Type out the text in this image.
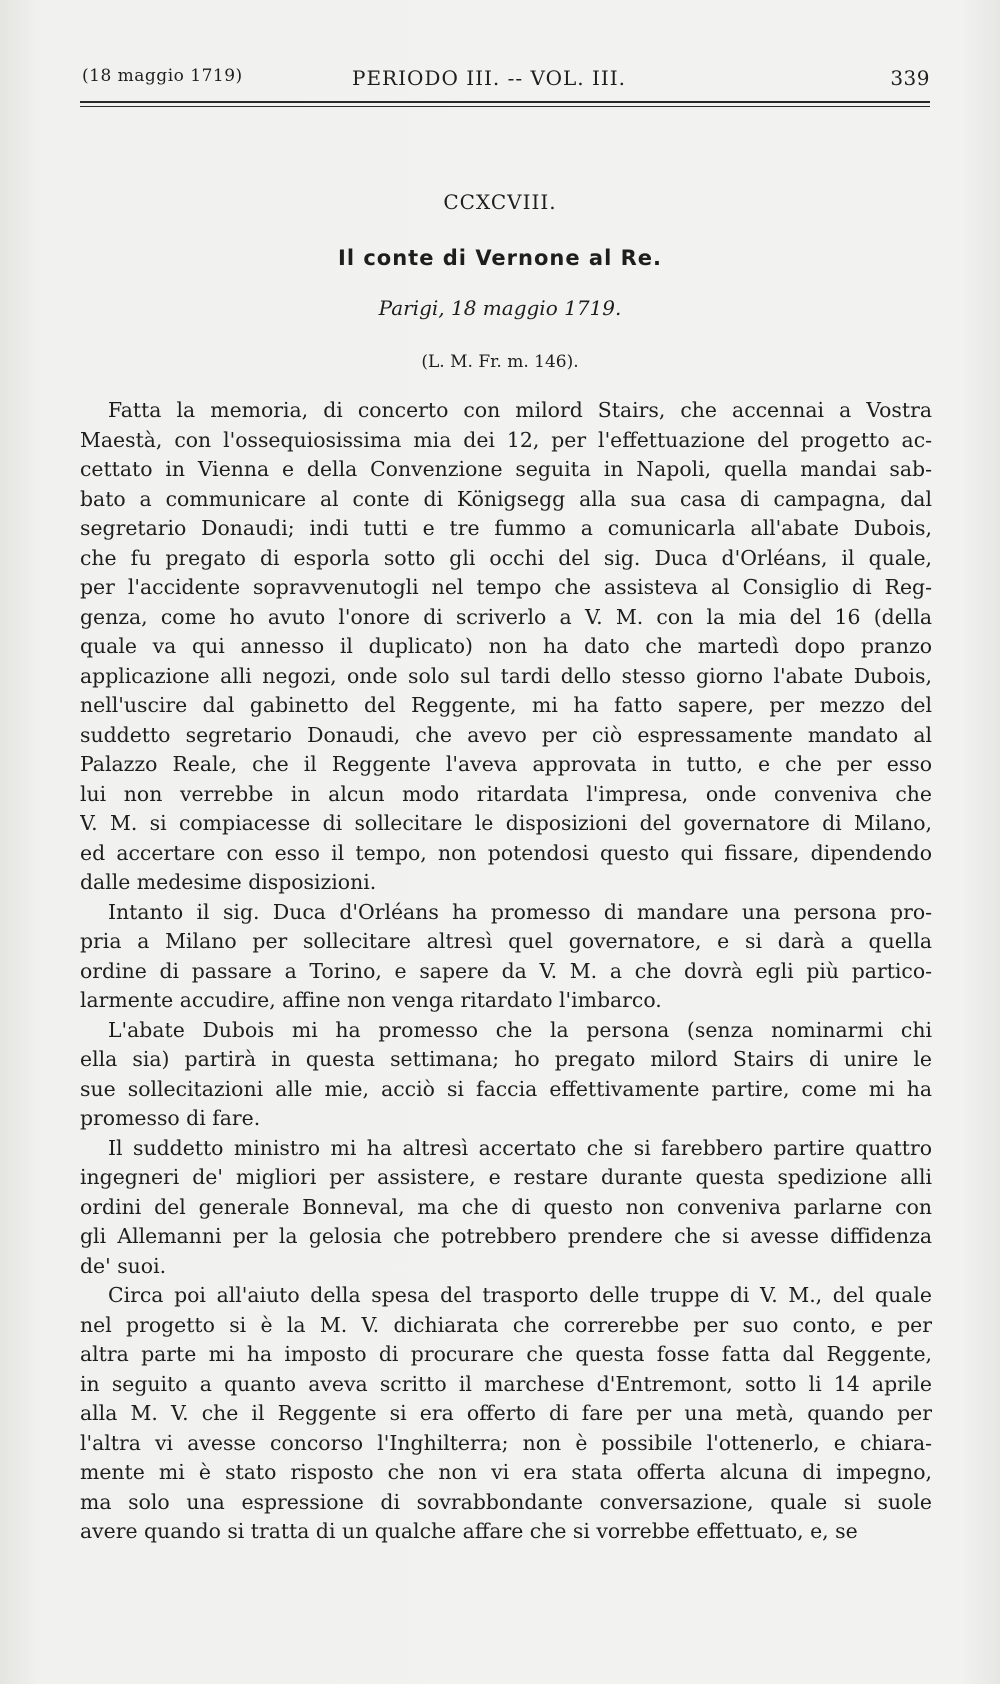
(18 maggio 1719)	PERIODO III. -- VOL. III.	339
CCXCVIII.
Il conte di Vernone al Re.
Parigi, 18 maggio 1719.
(L. M. Fr. m. 146).
Fatta la memoria, di concerto con milord Stairs, che accennai a Vostra
Maestà, con l'ossequiosissima mia dei 12, per l'effettuazione del progetto ac-
cettato in Vienna e della Convenzione seguita in Napoli, quella mandai sab-
bato a communicare al conte di Königsegg alla sua casa di campagna, dal
segretario Donaudi; indi tutti e tre fummo a comunicarla all'abate Dubois,
che fu pregato di esporla sotto gli occhi del sig. Duca d'Orléans, il quale,
per l'accidente sopravvenutogli nel tempo che assisteva al Consiglio di Reg-
genza, come ho avuto l'onore di scriverlo a V. M. con la mia del 16 (della
quale va qui annesso il duplicato) non ha dato che martedì dopo pranzo
applicazione alli negozi, onde solo sul tardi dello stesso giorno l'abate Dubois,
nell'uscire dal gabinetto del Reggente, mi ha fatto sapere, per mezzo del
suddetto segretario Donaudi, che avevo per ciò espressamente mandato al
Palazzo Reale, che il Reggente l'aveva approvata in tutto, e che per esso
lui non verrebbe in alcun modo ritardata l'impresa, onde conveniva che
V. M. si compiacesse di sollecitare le disposizioni del governatore di Milano,
ed accertare con esso il tempo, non potendosi questo qui fissare, dipendendo
dalle medesime disposizioni.
Intanto il sig. Duca d'Orléans ha promesso di mandare una persona pro-
pria a Milano per sollecitare altresì quel governatore, e si darà a quella
ordine di passare a Torino, e sapere da V. M. a che dovrà egli più partico-
larmente accudire, affine non venga ritardato l'imbarco.
L'abate Dubois mi ha promesso che la persona (senza nominarmi chi
ella sia) partirà in questa settimana; ho pregato milord Stairs di unire le
sue sollecitazioni alle mie, acciò si faccia effettivamente partire, come mi ha
promesso di fare.
Il suddetto ministro mi ha altresì accertato che si farebbero partire quattro
ingegneri de' migliori per assistere, e restare durante questa spedizione alli
ordini del generale Bonneval, ma che di questo non conveniva parlarne con
gli Allemanni per la gelosia che potrebbero prendere che si avesse diffidenza
de' suoi.
Circa poi all'aiuto della spesa del trasporto delle truppe di V. M., del quale
nel progetto si è la M. V. dichiarata che correrebbe per suo conto, e per
altra parte mi ha imposto di procurare che questa fosse fatta dal Reggente,
in seguito a quanto aveva scritto il marchese d'Entremont, sotto li 14 aprile
alla M. V. che il Reggente si era offerto di fare per una metà, quando per
l'altra vi avesse concorso l'Inghilterra; non è possibile l'ottenerlo, e chiara-
mente mi è stato risposto che non vi era stata offerta alcuna di impegno,
ma solo una espressione di sovrabbondante conversazione, quale si suole
avere quando si tratta di un qualche affare che si vorrebbe effettuato, e, se
